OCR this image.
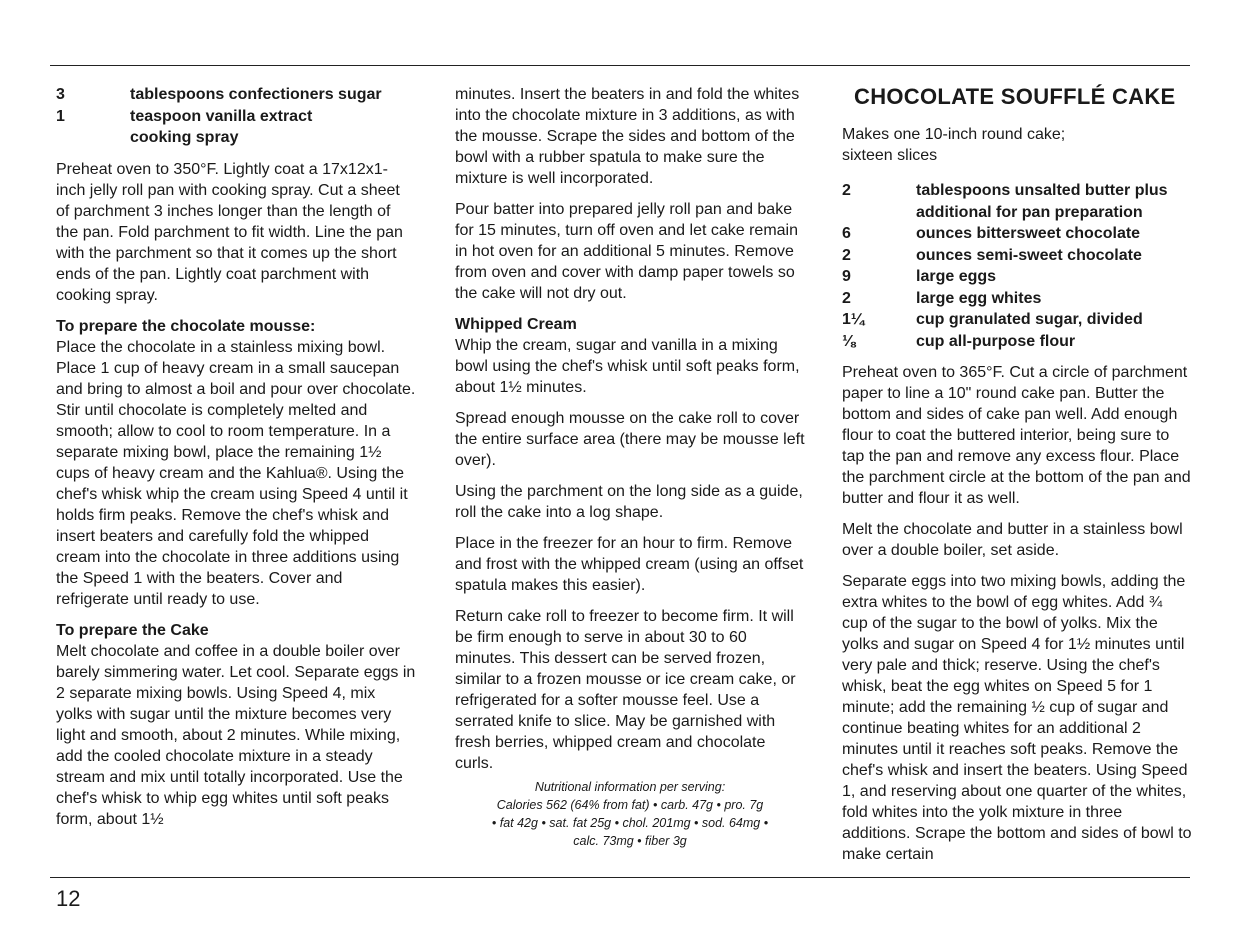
3	tablespoons confectioners sugar
1	teaspoon vanilla extract
cooking spray

Preheat oven to 350°F. Lightly coat a 17x12x1-inch jelly roll pan with cooking spray. Cut a sheet of parchment 3 inches longer than the length of the pan. Fold parchment to fit width. Line the pan with the parchment so that it comes up the short ends of the pan. Lightly coat parchment with cooking spray.

To prepare the chocolate mousse:
Place the chocolate in a stainless mixing bowl. Place 1 cup of heavy cream in a small saucepan and bring to almost a boil and pour over chocolate. Stir until chocolate is completely melted and smooth; allow to cool to room temperature. In a separate mixing bowl, place the remaining 1½ cups of heavy cream and the Kahlua®. Using the chef's whisk whip the cream using Speed 4 until it holds firm peaks. Remove the chef's whisk and insert beaters and carefully fold the whipped cream into the chocolate in three additions using the Speed 1 with the beaters. Cover and refrigerate until ready to use.

To prepare the Cake
Melt chocolate and coffee in a double boiler over barely simmering water. Let cool. Separate eggs in 2 separate mixing bowls. Using Speed 4, mix yolks with sugar until the mixture becomes very light and smooth, about 2 minutes. While mixing, add the cooled chocolate mixture in a steady stream and mix until totally incorporated. Use the chef's whisk to whip egg whites until soft peaks form, about 1½

minutes. Insert the beaters in and fold the whites into the chocolate mixture in 3 additions, as with the mousse. Scrape the sides and bottom of the bowl with a rubber spatula to make sure the mixture is well incorporated.

Pour batter into prepared jelly roll pan and bake for 15 minutes, turn off oven and let cake remain in hot oven for an additional 5 minutes. Remove from oven and cover with damp paper towels so the cake will not dry out.

Whipped Cream
Whip the cream, sugar and vanilla in a mixing bowl using the chef's whisk until soft peaks form, about 1½ minutes.

Spread enough mousse on the cake roll to cover the entire surface area (there may be mousse left over).

Using the parchment on the long side as a guide, roll the cake into a log shape.

Place in the freezer for an hour to firm. Remove and frost with the whipped cream (using an offset spatula makes this easier).

Return cake roll to freezer to become firm. It will be firm enough to serve in about 30 to 60 minutes. This dessert can be served frozen, similar to a frozen mousse or ice cream cake, or refrigerated for a softer mousse feel. Use a serrated knife to slice. May be garnished with fresh berries, whipped cream and chocolate curls.

Nutritional information per serving:
Calories 562 (64% from fat) • carb. 47g • pro. 7g
• fat 42g • sat. fat 25g • chol. 201mg • sod. 64mg •
calc. 73mg • fiber 3g
CHOCOLATE SOUFFLÉ CAKE

Makes one 10-inch round cake; sixteen slices

2	tablespoons unsalted butter plus additional for pan preparation
6	ounces bittersweet chocolate
2	ounces semi-sweet chocolate
9	large eggs
2	large egg whites
1¼	cup granulated sugar, divided
⅛	cup all-purpose flour

Preheat oven to 365°F. Cut a circle of parchment paper to line a 10" round cake pan. Butter the bottom and sides of cake pan well. Add enough flour to coat the buttered interior, being sure to tap the pan and remove any excess flour. Place the parchment circle at the bottom of the pan and butter and flour it as well.

Melt the chocolate and butter in a stainless bowl over a double boiler, set aside.

Separate eggs into two mixing bowls, adding the extra whites to the bowl of egg whites. Add ¾ cup of the sugar to the bowl of yolks. Mix the yolks and sugar on Speed 4 for 1½ minutes until very pale and thick; reserve. Using the chef's whisk, beat the egg whites on Speed 5 for 1 minute; add the remaining ½ cup of sugar and continue beating whites for an additional 2 minutes until it reaches soft peaks. Remove the chef's whisk and insert the beaters. Using Speed 1, and reserving about one quarter of the whites, fold whites into the yolk mixture in three additions. Scrape the bottom and sides of bowl to make certain

12
